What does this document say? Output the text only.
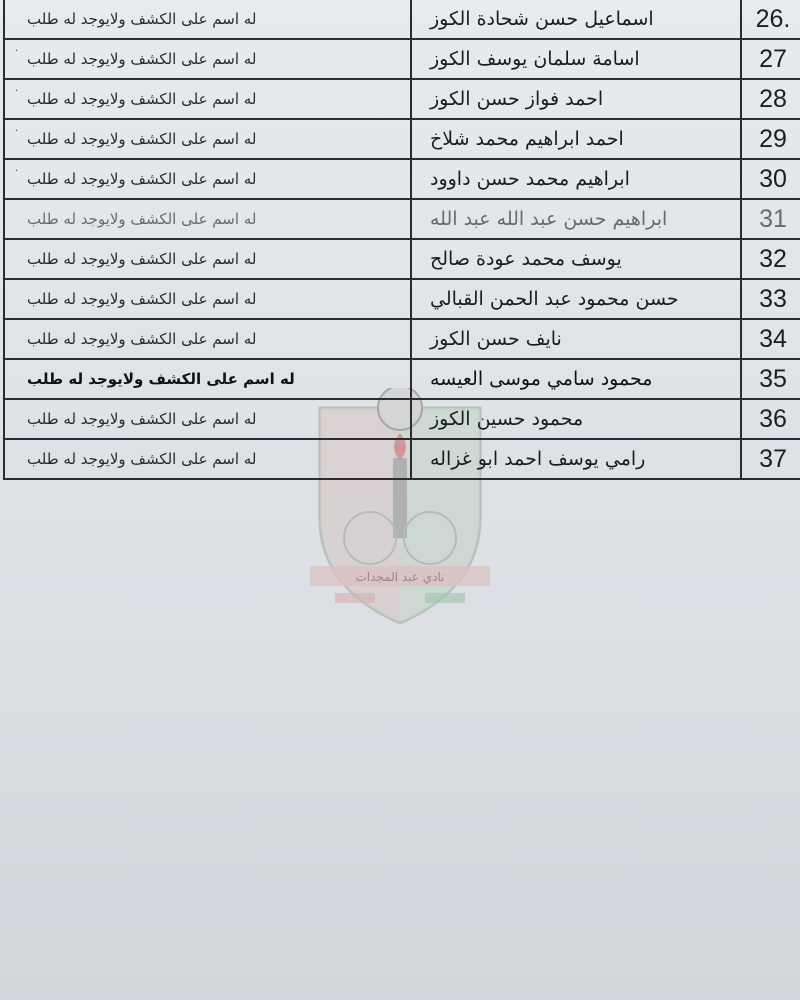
نادي عبد المجدات
له اسم على الكشف ولايوجد له طلب	اسماعيل حسن شحادة الكوز	26.

· له اسم على الكشف ولايوجد له طلب	اسامة سلمان يوسف الكوز	27

· له اسم على الكشف ولايوجد له طلب	احمد فواز حسن الكوز	28

· له اسم على الكشف ولايوجد له طلب	احمد ابراهيم محمد شلاخ	29

· له اسم على الكشف ولايوجد له طلب	ابراهيم محمد حسن داوود	30

له اسم على الكشف ولايوجد له طلب	ابراهيم حسن عبد الله عبد الله	31

له اسم على الكشف ولايوجد له طلب	يوسف محمد عودة صالح	32

له اسم على الكشف ولايوجد له طلب	حسن محمود عبد الحمن القبالي	33

له اسم على الكشف ولايوجد له طلب	نايف حسن الكوز	34

له اسم على الكشف ولايوجد له طلب	محمود سامي موسى العيسه	35

له اسم على الكشف ولايوجد له طلب	محمود حسين الكوز	36

له اسم على الكشف ولايوجد له طلب	رامي يوسف احمد ابو غزاله	37
